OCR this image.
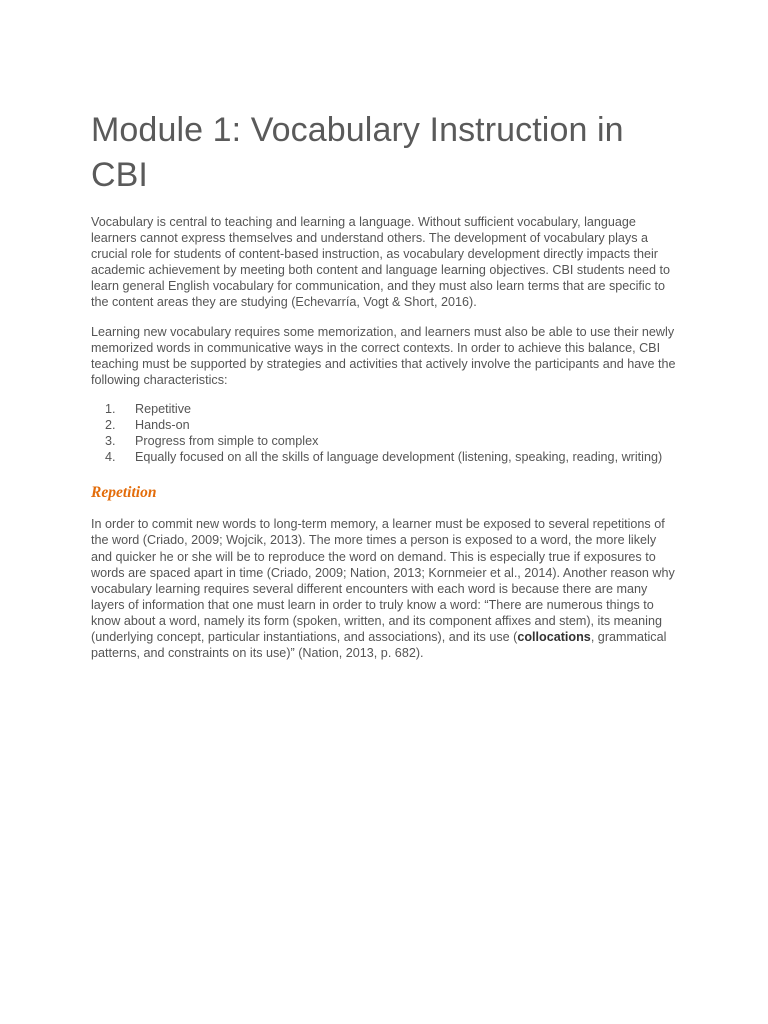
Module 1: Vocabulary Instruction in CBI

Vocabulary is central to teaching and learning a language. Without sufficient vocabulary, language learners cannot express themselves and understand others. The development of vocabulary plays a crucial role for students of content-based instruction, as vocabulary development directly impacts their academic achievement by meeting both content and language learning objectives. CBI students need to learn general English vocabulary for communication, and they must also learn terms that are specific to the content areas they are studying (Echevarría, Vogt & Short, 2016).

Learning new vocabulary requires some memorization, and learners must also be able to use their newly memorized words in communicative ways in the correct contexts. In order to achieve this balance, CBI teaching must be supported by strategies and activities that actively involve the participants and have the following characteristics:

1. Repetitive
2. Hands-on
3. Progress from simple to complex
4. Equally focused on all the skills of language development (listening, speaking, reading, writing)
Repetition

In order to commit new words to long-term memory, a learner must be exposed to several repetitions of the word (Criado, 2009; Wojcik, 2013). The more times a person is exposed to a word, the more likely and quicker he or she will be to reproduce the word on demand. This is especially true if exposures to words are spaced apart in time (Criado, 2009; Nation, 2013; Kornmeier et al., 2014). Another reason why vocabulary learning requires several different encounters with each word is because there are many layers of information that one must learn in order to truly know a word: “There are numerous things to know about a word, namely its form (spoken, written, and its component affixes and stem), its meaning (underlying concept, particular instantiations, and associations), and its use (collocations, grammatical patterns, and constraints on its use)” (Nation, 2013, p. 682).
